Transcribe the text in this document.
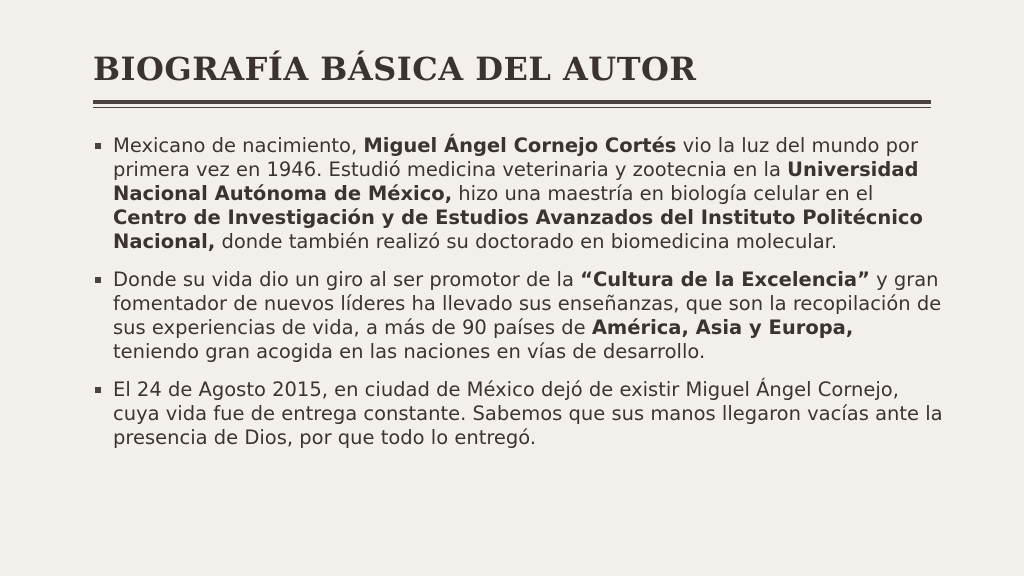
BIOGRAFÍA BÁSICA DEL AUTOR
Mexicano de nacimiento, Miguel Ángel Cornejo Cortés vio la luz del mundo por primera vez en 1946. Estudió medicina veterinaria y zootecnia en la Universidad Nacional Autónoma de México, hizo una maestría en biología celular en el Centro de Investigación y de Estudios Avanzados del Instituto Politécnico Nacional, donde también realizó su doctorado en biomedicina molecular.
Donde su vida dio un giro al ser promotor de la “Cultura de la Excelencia” y gran fomentador de nuevos líderes ha llevado sus enseñanzas, que son la recopilación de sus experiencias de vida, a más de 90 países de América, Asia y Europa, teniendo gran acogida en las naciones en vías de desarrollo.
El 24 de Agosto 2015, en ciudad de México dejó de existir Miguel Ángel Cornejo, cuya vida fue de entrega constante. Sabemos que sus manos llegaron vacías ante la presencia de Dios, por que todo lo entregó.
